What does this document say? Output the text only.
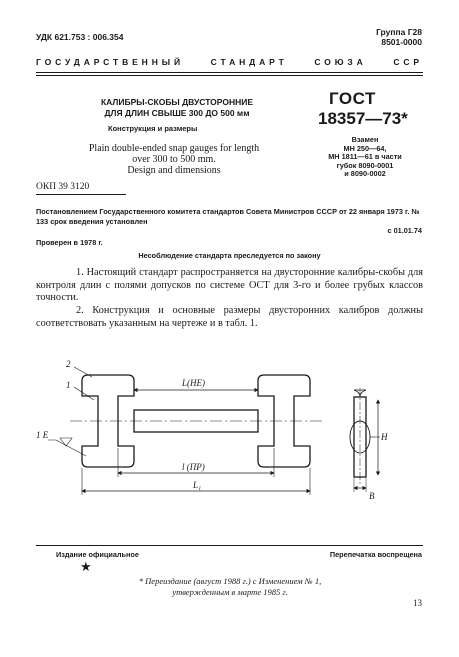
УДК 621.753 : 006.354	Группа Г28
8501-0000
ГОСУДАРСТВЕННЫЙ СТАНДАРТ СОЮЗА ССР
КАЛИБРЫ-СКОБЫ ДВУСТОРОННИЕ
ДЛЯ ДЛИН СВЫШЕ 300 ДО 500 мм
Конструкция и размеры
Plain double-ended snap gauges for length
over 300 to 500 mm.
Design and dimensions
ГОСТ
18357—73*
Взамен
МН 250—64,
МН 1811—61 в части
губок 8090-0001
и 8090-0002
ОКП 39 3120
Постановлением Государственного комитета стандартов Совета Министров СССР от 22 января 1973 г. № 133 срок введения установлен
с 01.01.74
Проверен в 1978 г.
Несоблюдение стандарта преследуется по закону
1. Настоящий стандарт распространяется на двусторонние калибры-скобы для контроля длин с полями допусков по системе ОСТ для 3-го и более грубых классов точности.
2. Конструкция и основные размеры двусторонних калибров должны соответствовать указанным на чертеже и в табл. 1.
2
1	L(НЕ)
l (ПР)
L₁
H
B
1 E
Издание официальное	Перепечатка воспрещена
★
* Переиздание (август 1988 г.) с Изменением № 1,
утвержденным в марте 1985 г.
13
